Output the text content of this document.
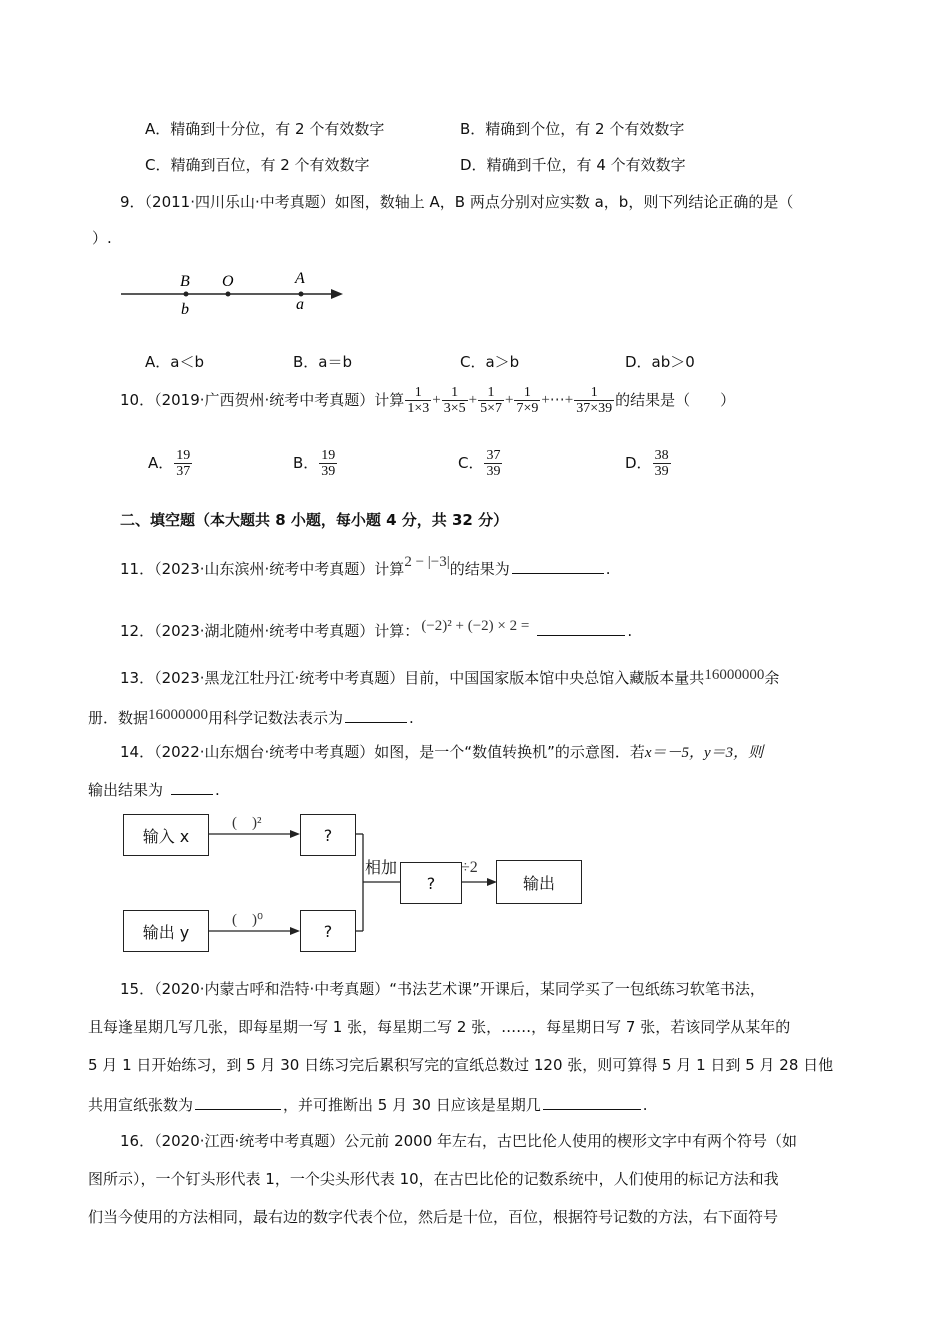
A．精确到十分位，有 2 个有效数字	B．精确到个位，有 2 个有效数字
C．精确到百位，有 2 个有效数字	D．精确到千位，有 4 个有效数字
9．（2011·四川乐山·中考真题）如图，数轴上 A，B 两点分别对应实数 a，b，则下列结论正确的是（
）.
B O	A
b	a
A．a＜b	B．a＝b	C．a＞b	D．ab＞0
10．（2019·广西贺州·统考中考真题）计算 $\frac{1}{1\times 3} + \frac{1}{3\times 5} + \frac{1}{5\times 7} + \frac{1}{7\times 9}$ +⋯+ $\frac{1}{37\times 39}$ 的结果是（　　）
A． $\frac{19}{37}$	B． $\frac{19}{39}$	C． $\frac{37}{39}$	D． $\frac{38}{39}$
二、填空题（本大题共 8 小题，每小题 4 分，共 32 分）
11．（2023·山东滨州·统考中考真题）计算2 − |−3|的结果为	.
12．（2023·湖北随州·统考中考真题）计算： (−2)² + (−2) × 2 =	.
13．（2023·黑龙江牡丹江·统考中考真题）目前，中国国家版本馆中央总馆入藏版本量共16000000余
册．数据16000000用科学记数法表示为	.
14．（2022·山东烟台·统考中考真题）如图，是一个“数值转换机”的示意图．若x＝－5，y＝3，则
输出结果为	.
输入 x
输出 y
?
?
?	输出
(　)²
(　)⁰
相加	÷2
15．（2020·内蒙古呼和浩特·中考真题）“书法艺术课”开课后，某同学买了一包纸练习软笔书法，
且每逢星期几写几张，即每星期一写 1 张，每星期二写 2 张，……，每星期日写 7 张，若该同学从某年的
5 月 1 日开始练习，到 5 月 30 日练习完后累积写完的宣纸总数过 120 张，则可算得 5 月 1 日到 5 月 28 日他
共用宣纸张数为	，并可推断出 5 月 30 日应该是星期几	.
16．（2020·江西·统考中考真题）公元前 2000 年左右，古巴比伦人使用的楔形文字中有两个符号（如
图所示），一个钉头形代表 1，一个尖头形代表 10，在古巴比伦的记数系统中，人们使用的标记方法和我
们当今使用的方法相同，最右边的数字代表个位，然后是十位，百位，根据符号记数的方法，右下面符号
